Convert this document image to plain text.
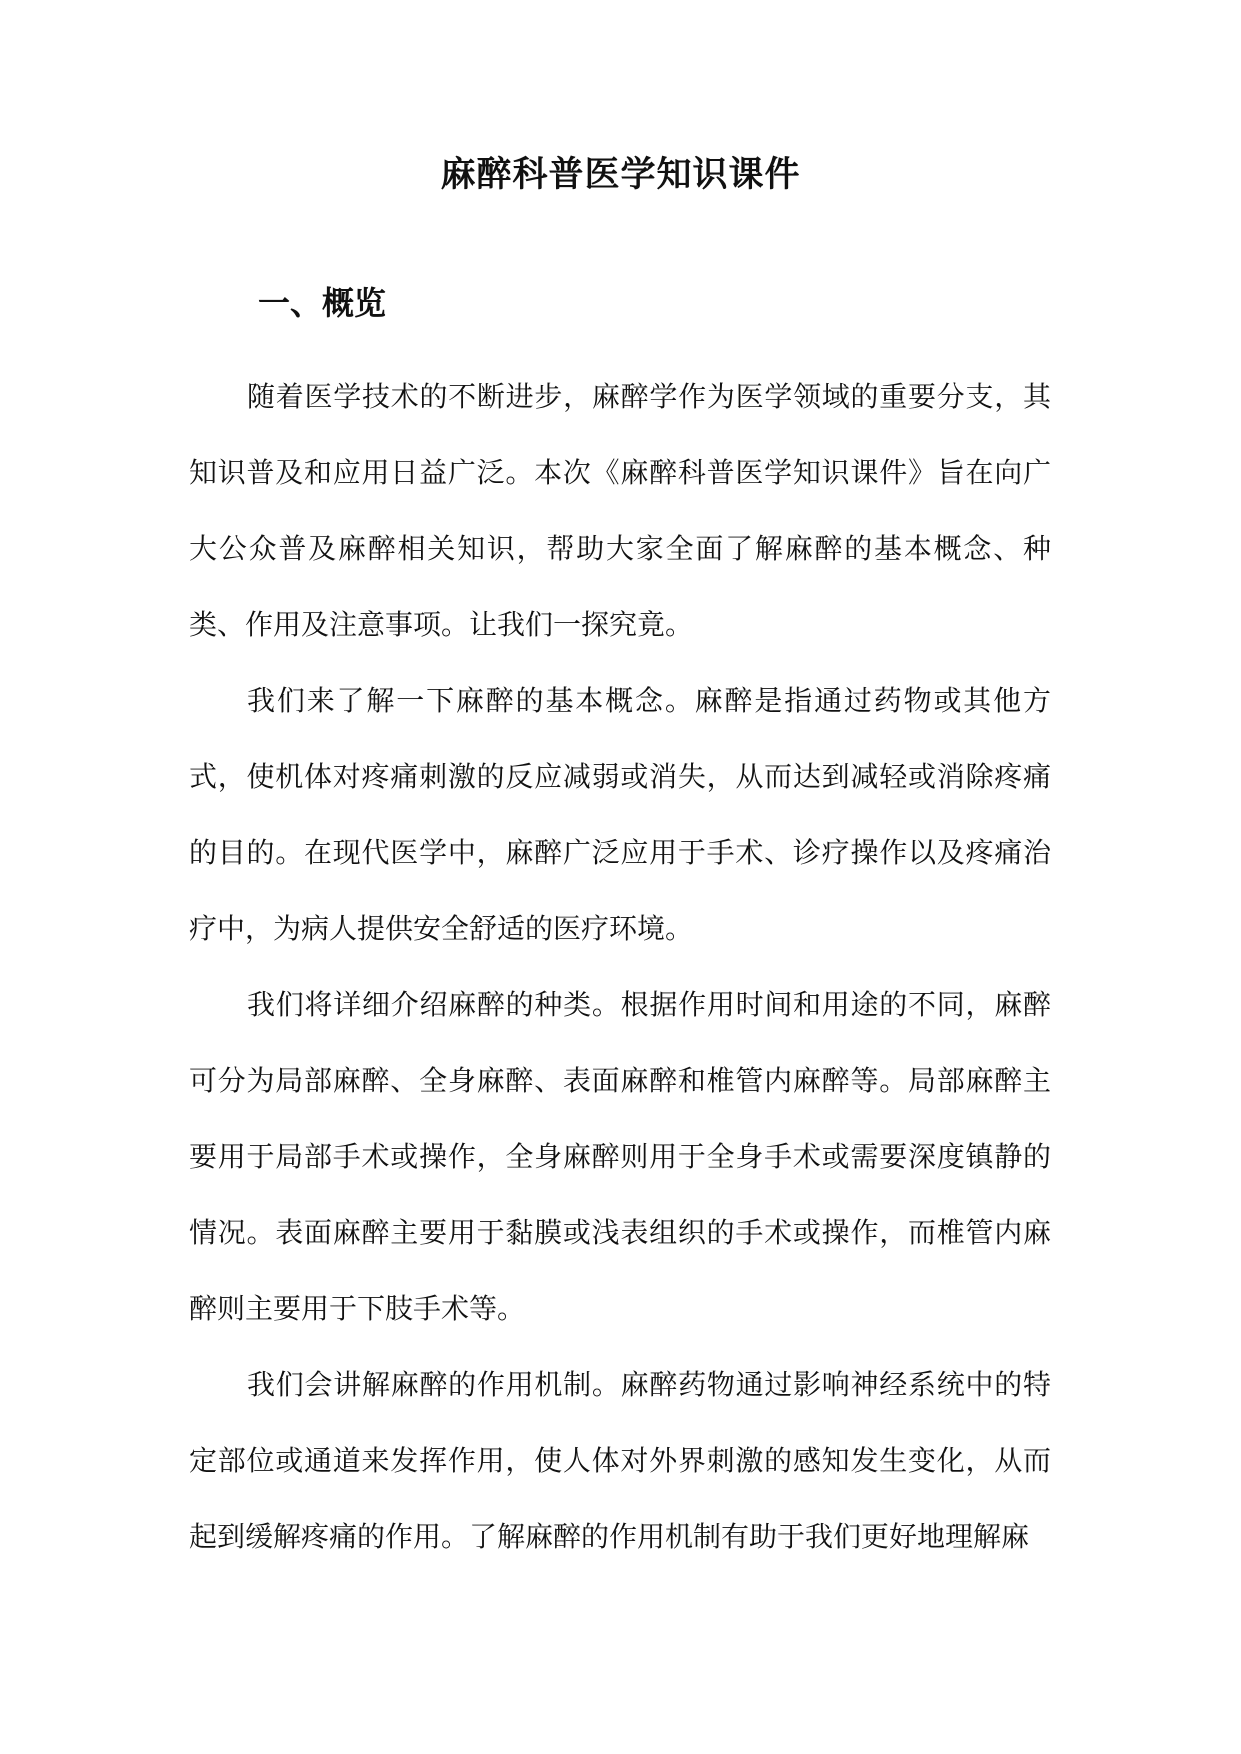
麻醉科普医学知识课件
一、概览

随着医学技术的不断进步，麻醉学作为医学领域的重要分支，其知识普及和应用日益广泛。本次《麻醉科普医学知识课件》旨在向广大公众普及麻醉相关知识，帮助大家全面了解麻醉的基本概念、种类、作用及注意事项。让我们一探究竟。

我们来了解一下麻醉的基本概念。麻醉是指通过药物或其他方式，使机体对疼痛刺激的反应减弱或消失，从而达到减轻或消除疼痛的目的。在现代医学中，麻醉广泛应用于手术、诊疗操作以及疼痛治疗中，为病人提供安全舒适的医疗环境。

我们将详细介绍麻醉的种类。根据作用时间和用途的不同，麻醉可分为局部麻醉、全身麻醉、表面麻醉和椎管内麻醉等。局部麻醉主要用于局部手术或操作，全身麻醉则用于全身手术或需要深度镇静的情况。表面麻醉主要用于黏膜或浅表组织的手术或操作，而椎管内麻醉则主要用于下肢手术等。

我们会讲解麻醉的作用机制。麻醉药物通过影响神经系统中的特定部位或通道来发挥作用，使人体对外界刺激的感知发生变化，从而起到缓解疼痛的作用。了解麻醉的作用机制有助于我们更好地理解麻
